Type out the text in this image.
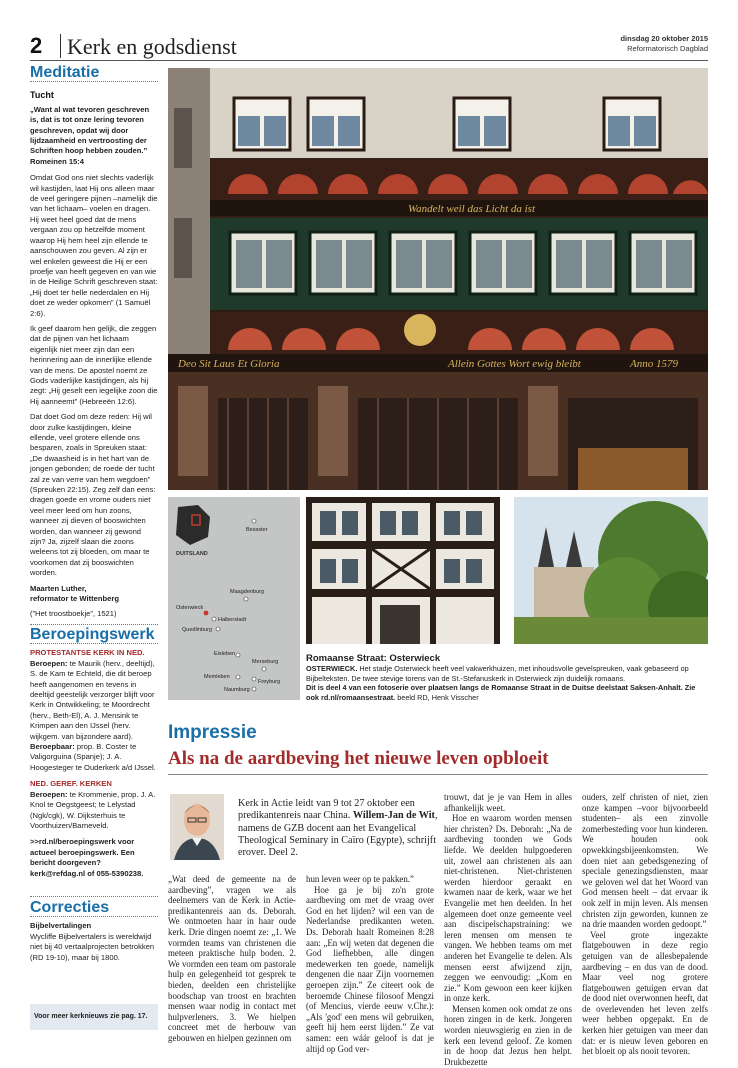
2 Kerk en godsdienst	dinsdag 20 oktober 2015
Reformatorisch Dagblad
Meditatie
Tucht
„Want al wat tevoren geschreven is, dat is tot onze lering tevoren geschreven, opdat wij door lijdzaamheid en vertroosting der Schriften hoop hebben zouden.”
Romeinen 15:4

Omdat God ons niet slechts vaderlijk wil kastijden, laat Hij ons alleen maar de veel geringere pijnen –namelijk die van het lichaam– voelen en dragen. Hij weet heel goed dat de mens vergaan zou op hetzelfde moment waarop Hij hem heel zijn ellende te aanschouwen zou geven. Al zijn er wel enkelen geweest die Hij er een proefje van heeft gegeven en van wie in de Heilige Schrift geschreven staat: „Hij doet ter helle nederdalen en Hij doet ze weder opkomen” (1 Samuël 2:6).

Ik geef daarom hen gelijk, die zeggen dat de pijnen van het lichaam eigenlijk niet meer zijn dan een herinnering aan de innerlijke ellende van de mens. De apostel noemt ze Gods vaderlijke kastijdingen, als hij zegt: „Hij geselt een iegelijke zoon die Hij aanneemt” (Hebreeën 12:6).

Dat doet God om deze reden: Hij wil door zulke kastijdingen, kleine ellende, veel grotere ellende ons besparen, zoals in Spreuken staat: „De dwaasheid is in het hart van de jongen gebonden; de roede der tucht zal ze van verre van hem wegdoen” (Spreuken 22:15). Zeg zelf dan eens: dragen goede en vrome ouders niet veel meer leed om hun zoons, wanneer zij dieven of booswichten worden, dan wanneer zij gewond zijn? Ja, zijzelf slaan die zoons weleens tot zij bloeden, om maar te voorkomen dat zij booswichten worden.

Maarten Luther,
reformator te Wittenberg
(”Het troostboekje”, 1521)
Beroepingswerk
PROTESTANTSE KERK IN NED.
Beroepen: te Maurik (herv., deeltijd), S. de Kam te Echteld, die dit beroep heeft aangenomen en tevens in deeltijd geestelijk verzorger blijft voor Kerk in Ontwikkeling; te Moordrecht (herv., Beth-El), A. J. Mensink te Krimpen aan den IJssel (herv. wijkgem. van bijzondere aard).
Beroepbaar: prop. B. Coster te Valigorguina (Spanje); J. A. Hoogesteger te Ouderkerk a/d IJssel.
NED. GEREF. KERKEN
Beroepen: te Krommenie, prop. J. A. Knol te Oegstgeest; te Lelystad (Ngk/cgk), W. Dijksterhuis te Voorthuizen/Barneveld.
>>rd.nl/beroepingswerk voor actueel beroepingswerk. Een bericht doorgeven? kerk@refdag.nl of 055-5390238.
Correcties
Bijbelvertalingen
Wycliffe Bijbelvertalers is wereldwijd niet bij 40 vertaalprojecten betrokken (RD 19-10), maar bij 1800.
Voor meer kerknieuws zie pag. 17.
Wandelt weil das Licht da ist
Deo Sit Laus Et Gloria	Allein Gottes Wort ewig bleibt	Anno 1579
DUITSLAND
Bessster
Maagdenburg
Osterwieck
Halberstadt
Quedlinburg
Eisleben
Merseburg
Memleben
Freyburg
Naumburg
Romaanse Straat: Osterwieck
OSTERWIECK. Het stadje Osterwieck heeft veel vakwerkhuizen, met inhoudsvolle gevelspreuken, vaak gebaseerd op Bijbelteksten. De twee stevige torens van de St.-Stefanuskerk in Osterwieck zijn duidelijk romaans.
Dit is deel 4 van een fotoserie over plaatsen langs de Romaanse Straat in de Duitse deelstaat Saksen-Anhalt. Zie ook rd.nl/romaansestraat. beeld RD, Henk Visscher
Impressie
Als na de aardbeving het nieuwe leven opbloeit
Kerk in Actie leidt van 9 tot 27 oktober een predikantenreis naar China. Willem-Jan de Wit, namens de GZB docent aan het Evangelical Theological Seminary in Caïro (Egypte), schrijft erover. Deel 2.

„Wat deed de gemeente na de aardbeving”, vragen we als deelnemers van de Kerk in Actie-predikantenreis aan ds. Deborah. We ontmoeten haar in haar oude kerk. Drie dingen noemt ze: „1. We vormden teams van christenen die meteen praktische hulp boden. 2. We vormden een team om pastorale hulp en gelegenheid tot gesprek te bieden, deelden een christelijke boodschap van troost en brachten mensen waar nodig in contact met hulpverleners. 3. We hielpen concreet met de herbouw van gebouwen en hielpen gezinnen om

hun leven weer op te pakken.”

Hoe ga je bij zo'n grote aardbeving om met de vraag over God en het lijden? wil een van de Nederlandse predikanten weten. Ds. Deborah haalt Romeinen 8:28 aan: „En wij weten dat degenen die God liefhebben, alle dingen medewerken ten goede, namelijk dengenen die naar Zijn voornemen geroepen zijn.” Ze citeert ook de beroemde Chinese filosoof Mengzi (of Mencius, vierde eeuw v.Chr.): „Als 'god' een mens wil gebruiken, geeft hij hem eerst lijden.” Ze vat samen: een wáár geloof is dat je altijd op God ver-

trouwt, dat je je van Hem in alles afhankelijk weet.

Hoe en waarom worden mensen hier christen? Ds. Deborah: „Na de aardbeving toonden we Gods liefde. We deelden hulpgoederen uit, zowel aan christenen als aan niet-christenen. Niet-christenen werden hierdoor geraakt en kwamen naar de kerk, waar we het Evangelie met hen deelden. In het algemeen doet onze gemeente veel aan discipelschapstraining: we leren mensen om mensen te vangen. We hebben teams om met anderen het Evangelie te delen. Als mensen eerst afwijzend zijn, zeggen we eenvoudig: „Kom en zie.” Kom gewoon een keer kijken in onze kerk.

Mensen komen ook omdat ze ons horen zingen in de kerk. Jongeren worden nieuwsgierig en zien in de kerk een levend geloof. Ze komen in de hoop dat Jezus hen helpt. Drukbezette

ouders, zelf christen of niet, zien onze kampen –voor bijvoorbeeld studenten– als een zinvolle zomerbesteding voor hun kinderen. We houden ook opwekkingsbijeenkomsten. We doen niet aan gebedsgenezing of speciale genezingsdiensten, maar we geloven wel dat het Woord van God mensen heelt – dat ervaar ik ook zelf in mijn leven. Als mensen christen zijn geworden, kunnen ze na drie maanden worden gedoopt.”

Veel grote ingezakte flatgebouwen in deze regio getuigen van de allesbepalende aardbeving – en dus van de dood. Maar veel nog grotere flatgebouwen getuigen ervan dat de dood niet overwonnen heeft, dat de overlevenden het leven zelfs weer hebben opgepakt. En de kerken hier getuigen van meer dan dat: er is nieuw leven geboren en het bloeit op als nooit tevoren.
